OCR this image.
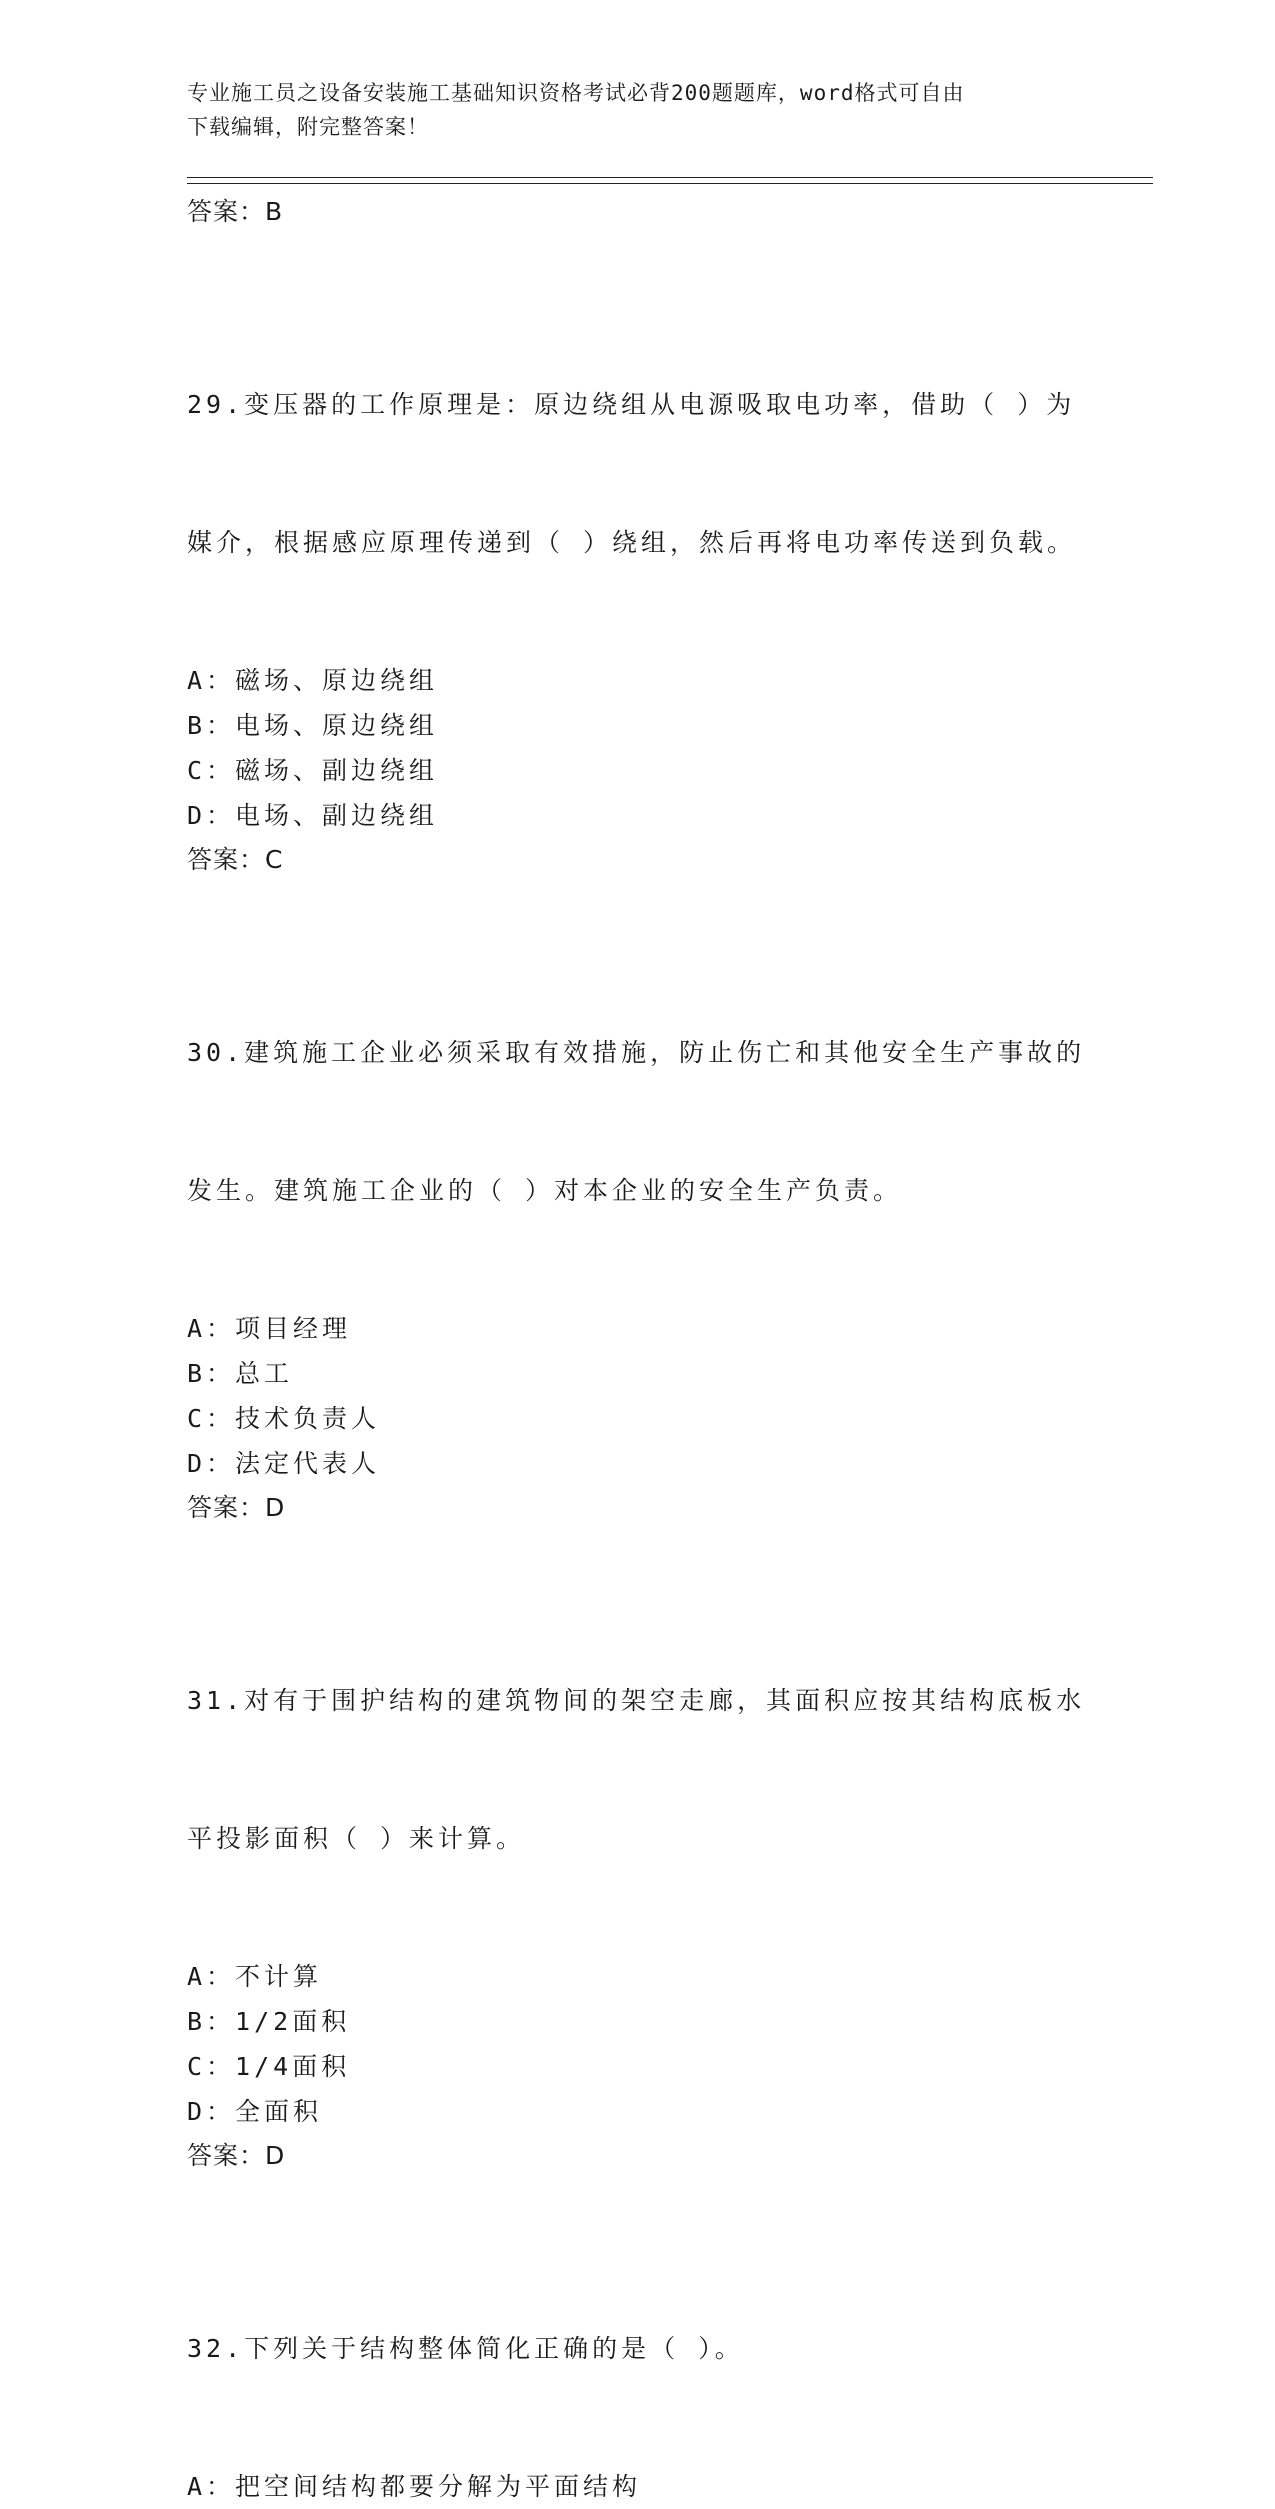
专业施工员之设备安装施工基础知识资格考试必背200题题库，word格式可自由
下载编辑，附完整答案！
答案：B

29.变压器的工作原理是：原边绕组从电源吸取电功率，借助（ ）为

媒介，根据感应原理传递到（ ）绕组，然后再将电功率传送到负载。

A：磁场、原边绕组
B：电场、原边绕组
C：磁场、副边绕组
D：电场、副边绕组
答案：C

30.建筑施工企业必须采取有效措施，防止伤亡和其他安全生产事故的

发生。建筑施工企业的（ ）对本企业的安全生产负责。

A：项目经理
B：总工
C：技术负责人
D：法定代表人
答案：D

31.对有于围护结构的建筑物间的架空走廊，其面积应按其结构底板水

平投影面积（ ）来计算。

A：不计算
B：1/2面积
C：1/4面积
D：全面积
答案：D

32.下列关于结构整体简化正确的是（ ）。

A：把空间结构都要分解为平面结构
